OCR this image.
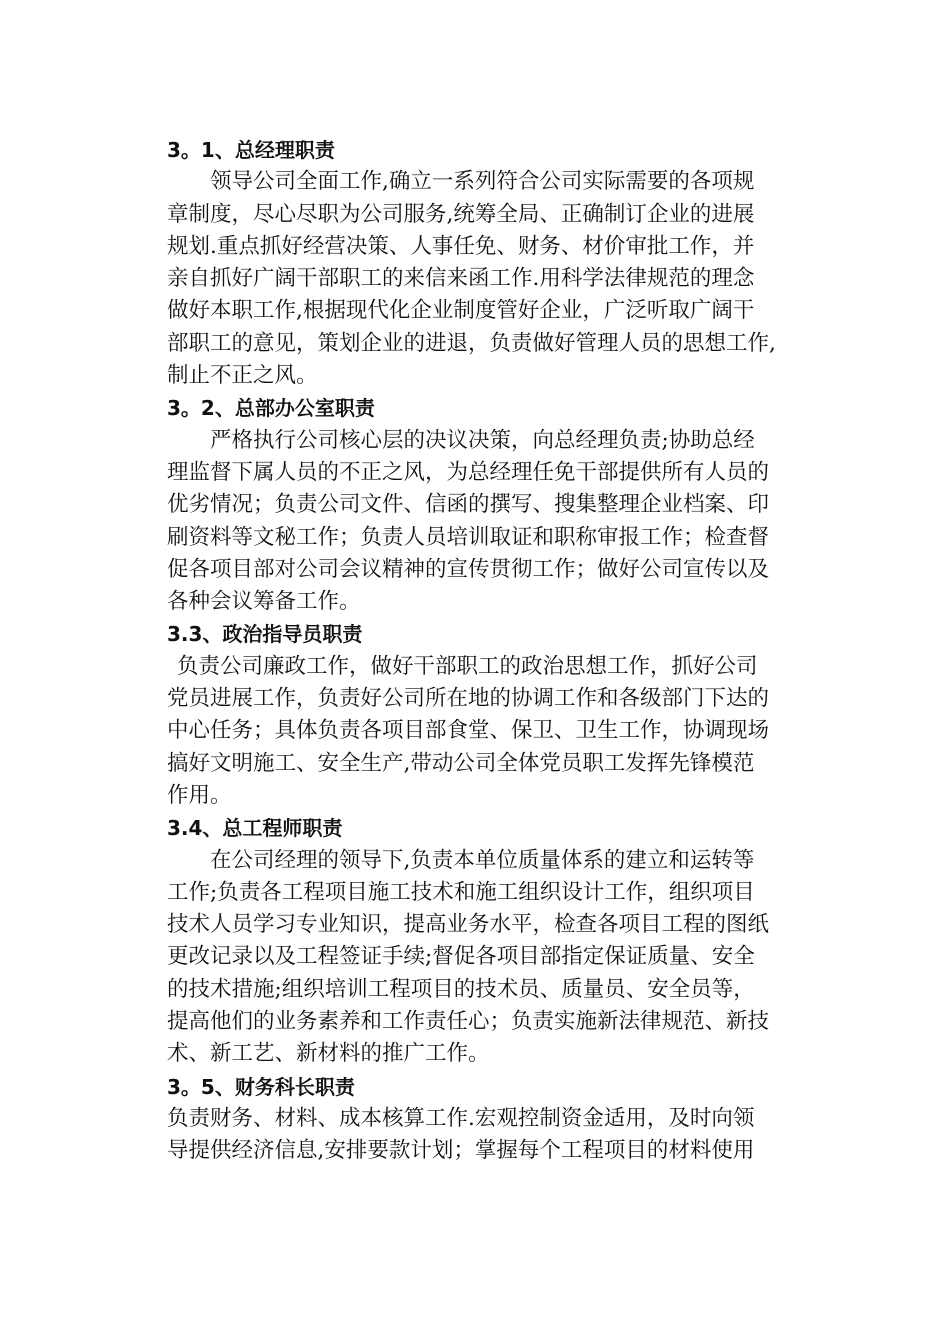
3。1、总经理职责
领导公司全面工作,确立一系列符合公司实际需要的各项规
章制度，尽心尽职为公司服务,统筹全局、正确制订企业的进展
规划.重点抓好经营决策、人事任免、财务、材价审批工作，并
亲自抓好广阔干部职工的来信来函工作.用科学法律规范的理念
做好本职工作,根据现代化企业制度管好企业，广泛听取广阔干
部职工的意见，策划企业的进退，负责做好管理人员的思想工作,
制止不正之风。
3。2、总部办公室职责
严格执行公司核心层的决议决策，向总经理负责;协助总经
理监督下属人员的不正之风，为总经理任免干部提供所有人员的
优劣情况；负责公司文件、信函的撰写、搜集整理企业档案、印
刷资料等文秘工作；负责人员培训取证和职称审报工作；检查督
促各项目部对公司会议精神的宣传贯彻工作；做好公司宣传以及
各种会议筹备工作。
3.3、政治指导员职责
负责公司廉政工作，做好干部职工的政治思想工作，抓好公司
党员进展工作，负责好公司所在地的协调工作和各级部门下达的
中心任务；具体负责各项目部食堂、保卫、卫生工作，协调现场
搞好文明施工、安全生产,带动公司全体党员职工发挥先锋模范
作用。
3.4、总工程师职责
在公司经理的领导下,负责本单位质量体系的建立和运转等
工作;负责各工程项目施工技术和施工组织设计工作，组织项目
技术人员学习专业知识，提高业务水平，检查各项目工程的图纸
更改记录以及工程签证手续;督促各项目部指定保证质量、安全
的技术措施;组织培训工程项目的技术员、质量员、安全员等，
提高他们的业务素养和工作责任心；负责实施新法律规范、新技
术、新工艺、新材料的推广工作。
3。5、财务科长职责
负责财务、材料、成本核算工作.宏观控制资金适用，及时向领
导提供经济信息,安排要款计划；掌握每个工程项目的材料使用
